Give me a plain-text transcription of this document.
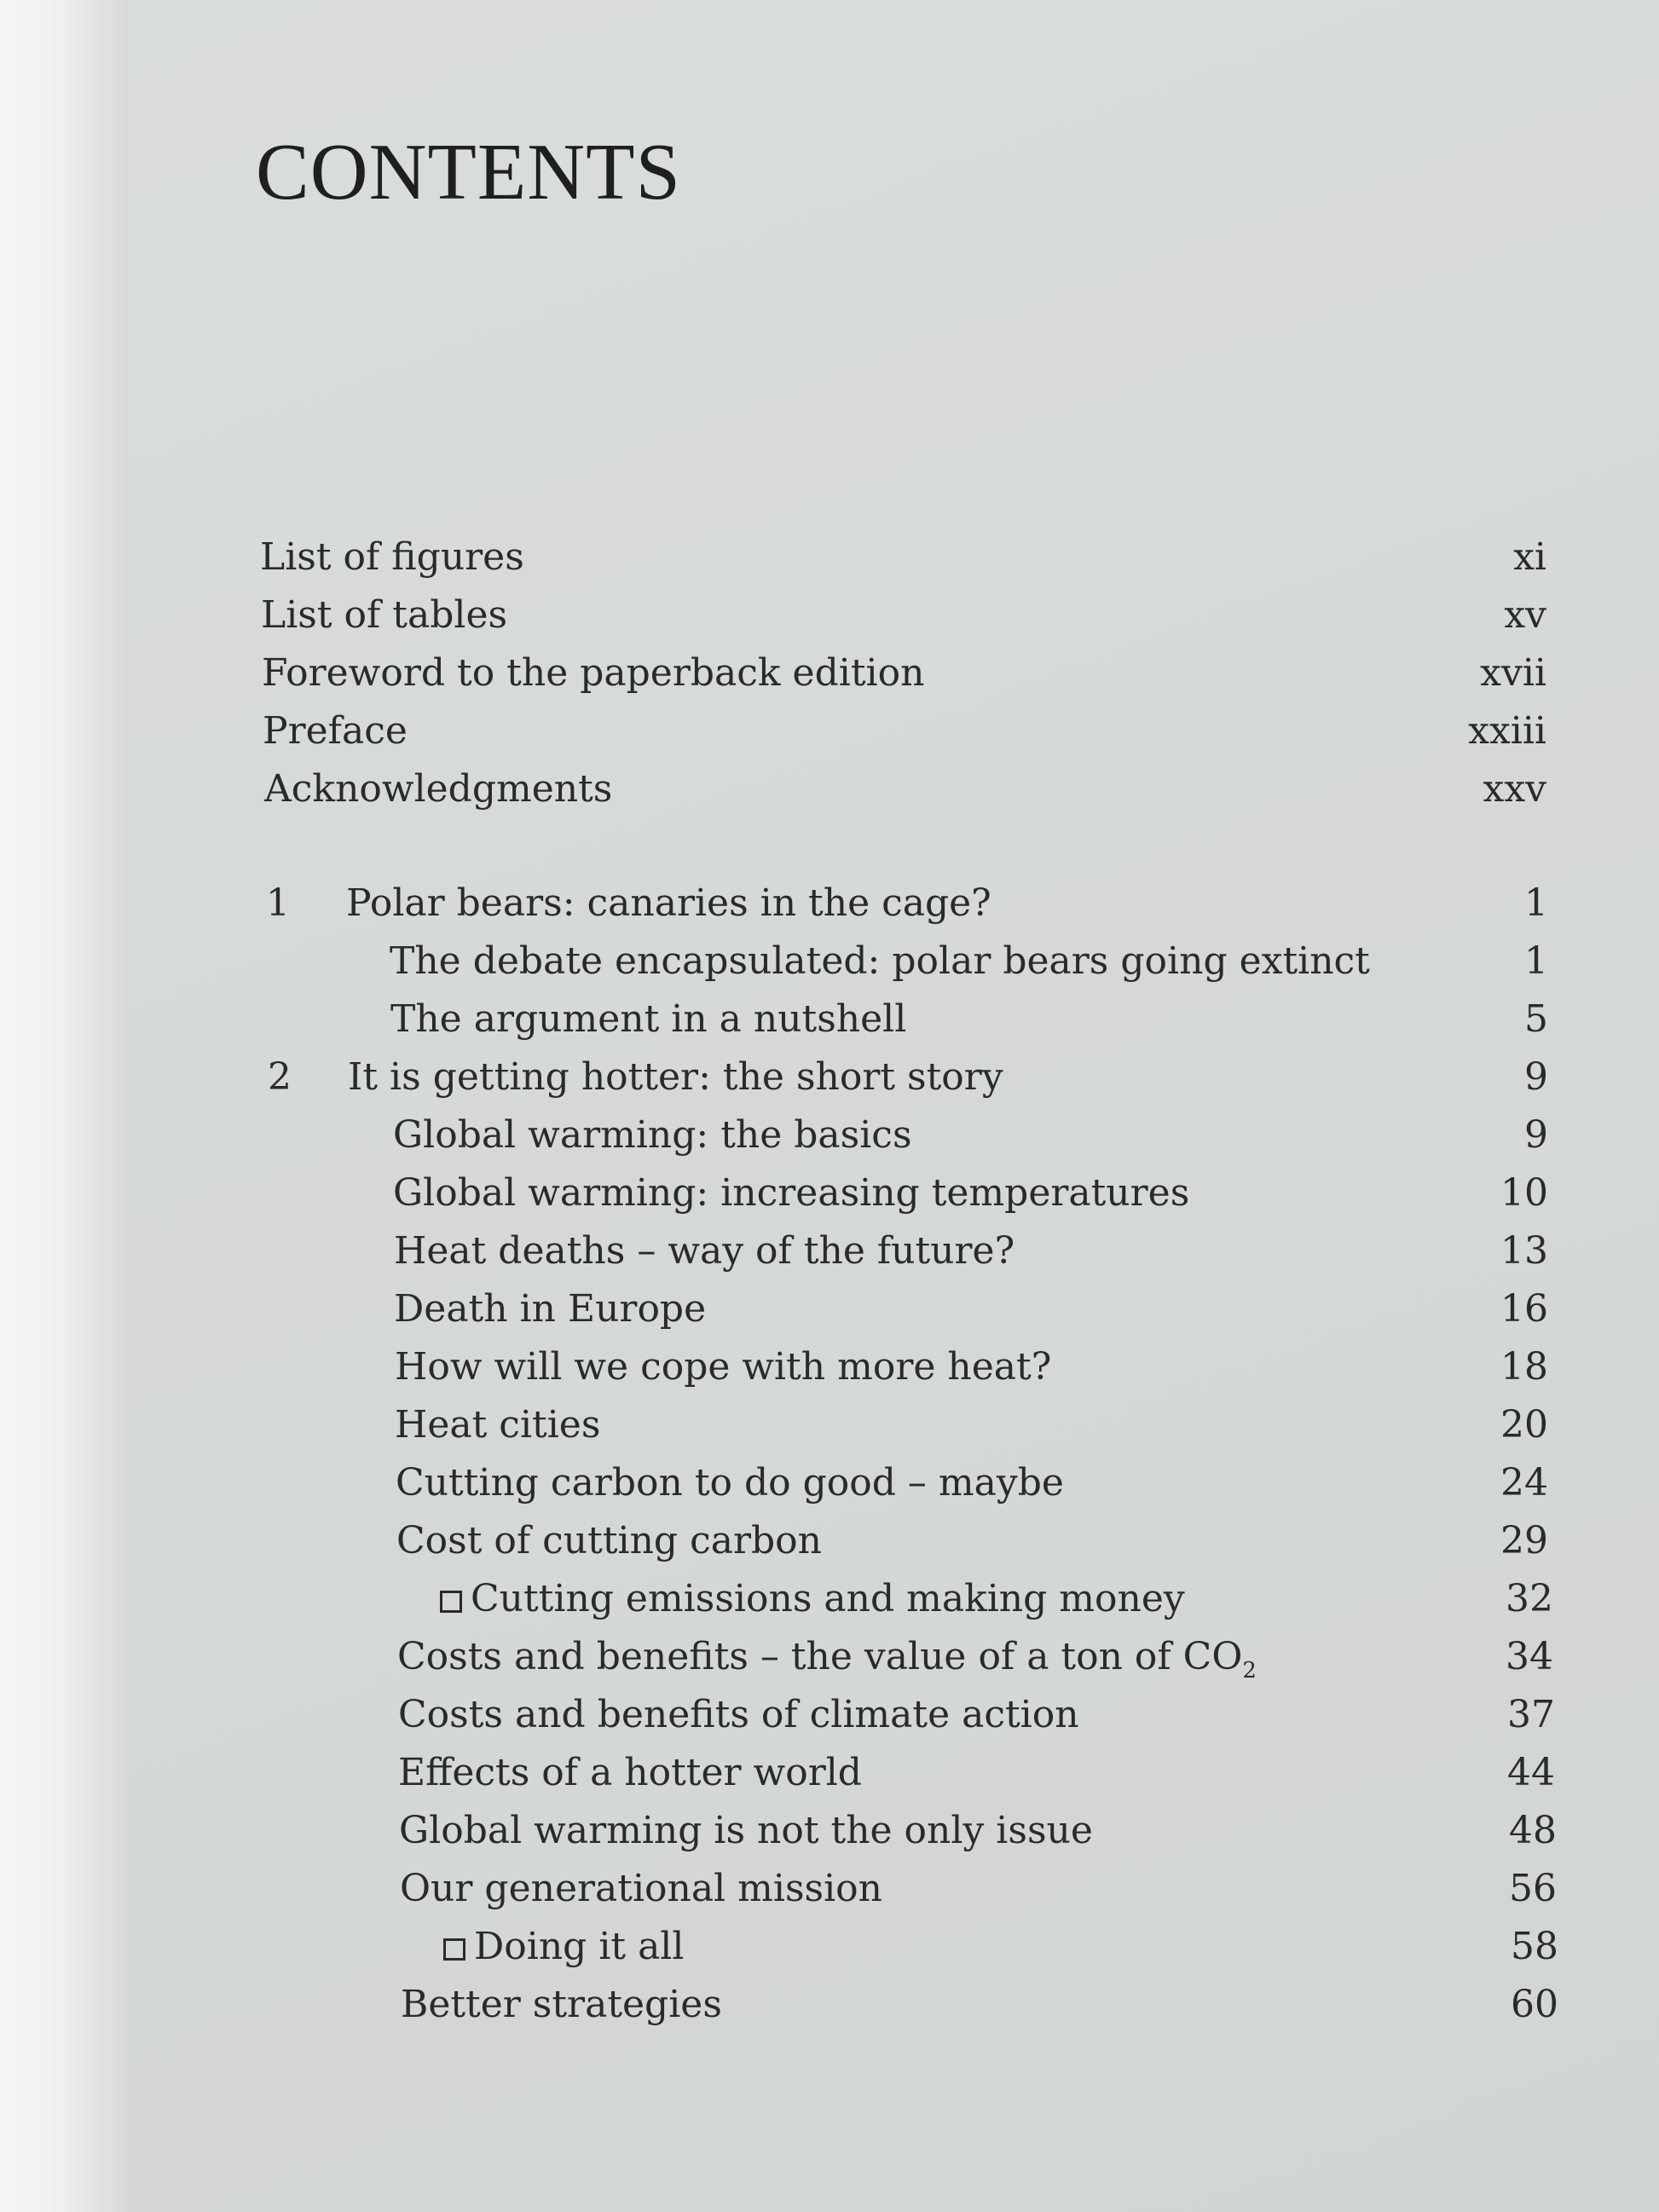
CONTENTS
List of figures	xi
List of tables	xv
Foreword to the paperback edition	xvii
Preface	xxiii
Acknowledgments	xxv
1 Polar bears: canaries in the cage?	1
The debate encapsulated: polar bears going extinct	1
The argument in a nutshell	5
2 It is getting hotter: the short story	9
Global warming: the basics	9
Global warming: increasing temperatures	10
Heat deaths – way of the future?	13
Death in Europe	16
How will we cope with more heat?	18
Heat cities	20
Cutting carbon to do good – maybe	24
Cost of cutting carbon	29
Cutting emissions and making money	32
Costs and benefits – the value of a ton of $CO_2$	34
Costs and benefits of climate action	37
Effects of a hotter world	44
Global warming is not the only issue	48
Our generational mission	56
Doing it all	58
Better strategies	60
